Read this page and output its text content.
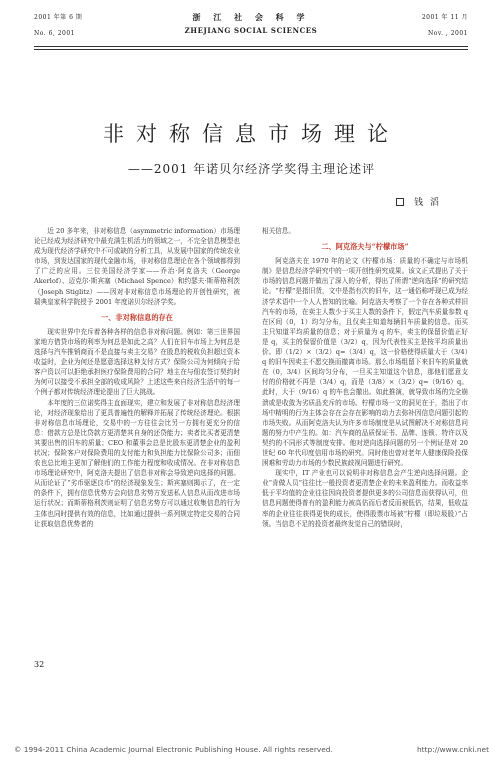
2001 年第 6 期
No. 6, 2001
浙 江 社 会 科 学
ZHEJIANG SOCIAL SCIENCES
2001 年 11 月
Nov. , 2001
非对称信息市场理论
——2001 年诺贝尔经济学奖得主理论述评
钱 滔

近 20 多年来，非对称信息（asymmetric information）市场理论已经成为经济研究中最充满生机活力的领域之一，不完全信息模型也成为现代经济学研究中不可或缺的分析工具，从发展中国家的传统农业市场，到发达国家的现代金融市场，非对称信息理论在各个领域都得到了广泛的应用。三位美国经济学家——乔治·阿克洛夫（George Akerlof）、迈克尔·斯宾塞（Michael Spence）和约瑟夫·斯蒂格利茨（Joseph Stiglitz）——因对非对称信息市场理论的开创性研究，被瑞典皇家科学院授予 2001 年度诺贝尔经济学奖。

一、非对称信息的存在

现实世界中充斥着各种各样的信息非对称问题。例如：第三世界国家地方借贷市场的利率为何总是如此之高？人们在旧车市场上为何总是选择与汽车推销商而不是直接与卖主交易？在股息的税收负担超过资本收益时，企业为何还是愿意选择这种支付方式？保险公司为何倾向于给客户资以可以拒绝承担医疗保险费用的合同？地主在与佃农签订契约时为何可以接受不承担全部的收成风险？上述这些来自经济生活中的每一个例子都对传统经济理论提出了巨大挑战。

本年度的三位诺奖得主直面现实，建立和发展了非对称信息经济理论，对经济现象给出了更具普遍性的解释并拓展了传统经济理论。根据非对称信息市场理论，交易中的一方往往会比另一方拥有更充分的信息：借款方总是比贷款方更清楚其自身的还贷能力；卖者比买者更清楚其要出售的旧车的质量；CEO 和董事会总是比股东更清楚企业的盈利状况；保险客户对保险费用的支付能力和负担能力比保险公司多；而佃农也总比地主更加了解他们的工作能力程度和收成情况。在非对称信息市场理论研究中，阿克洛夫提出了信息非对称会导致逆向选择的问题。从而论证了“劣币驱逐良币”的经济现象发生；斯宾塞则揭示了，在一定的条件下，拥有信息优势方会向信息劣势方发送私人信息从而改进市场运行状况；而斯蒂格利茨则证明了信息劣势方可以通过收集信息的行为主体也同时提供有效的信息，比如通过提供一系列规定特定交易的合同让获取信息优势者的

相关信息。

二、阿克洛夫与“柠檬市场”

阿克洛夫在 1970 年的论文《柠檬市场：质量的不确定与市场机制》是信息经济学研究中的一项开创性研究成果。该文正式提出了关于市场的信息问题并做出了深入的分析，得出了所谓“逆向选择”的研究结论。“柠檬”是指旧货，文中是指有次的旧车，这一通俗称呼现已成为经济学术语中一个人人皆知的比喻。阿克洛夫考察了一个存在各种式样旧汽车的市场，在卖主人数少于买主人数的条件下，假定汽车质量参数 q 在区间（0，1）均匀分布，且仅卖主知道每辆旧车质量的信息。而买主只知道平均质量的信息；对于质量为 q 的车，卖主的保留价值正好是 q，买主的保留价值是（3/2）q，因为代表性买主是按平均质量出价。即（1/2）×（3/2）q=（3/4）q，这一价格使得质量大于（3/4）q 的旧车因卖主不愿交换而撤离市场。那么市场组留下来旧车的质量就在（0，3/4）区间均匀分布，一旦买主知道这个信息，那他们愿意支付的价格就不再是（3/4）q，而是（3/8）×（3/2）q=（9/16）q。此时，大于（9/16）q 的车也会撤出。如此推演，就导致市场的完全崩溃或是收敛为劣质品充斥的市场。柠檬市场一文的洞见在于，指出了市场中精明的行为主体会存在会存在影响的动力去弥补因信息问题引起的市场失败。从而阿克洛夫认为许多市场制度是从试图解决不对称信息问题的努力中产生的。如：汽车商的品质保证书、品牌、连锁、特许以及契约的不同形式等制度安排。他对逆向选择问题的另一个例证是对 20 世纪 60 年代印度信用市场的研究。同时他也曾对老年人健康保险投保困难和劳动力市场的少数民族歧视问题进行研究。

现实中，IT 产业也可以说明非对称信息会产生逆向选择问题。企业“肯做人员”往往比一般投资者更清楚企业的未来盈利能力。而收益率低于平均值的企业往往因向投资者提供更多的公司信息而获得认可，但信息问题使得普有的盈利能力被高估而后者反而被低估，结果，低收益率的企业往往获得更快的成长，使得股票市场被“柠檬（即垃圾股）”占领。当信息不足的投资者最终发觉自己的错误时，

32
© 1994-2011 China Academic Journal Electronic Publishing House. All rights reserved.	http://www.cnki.net
